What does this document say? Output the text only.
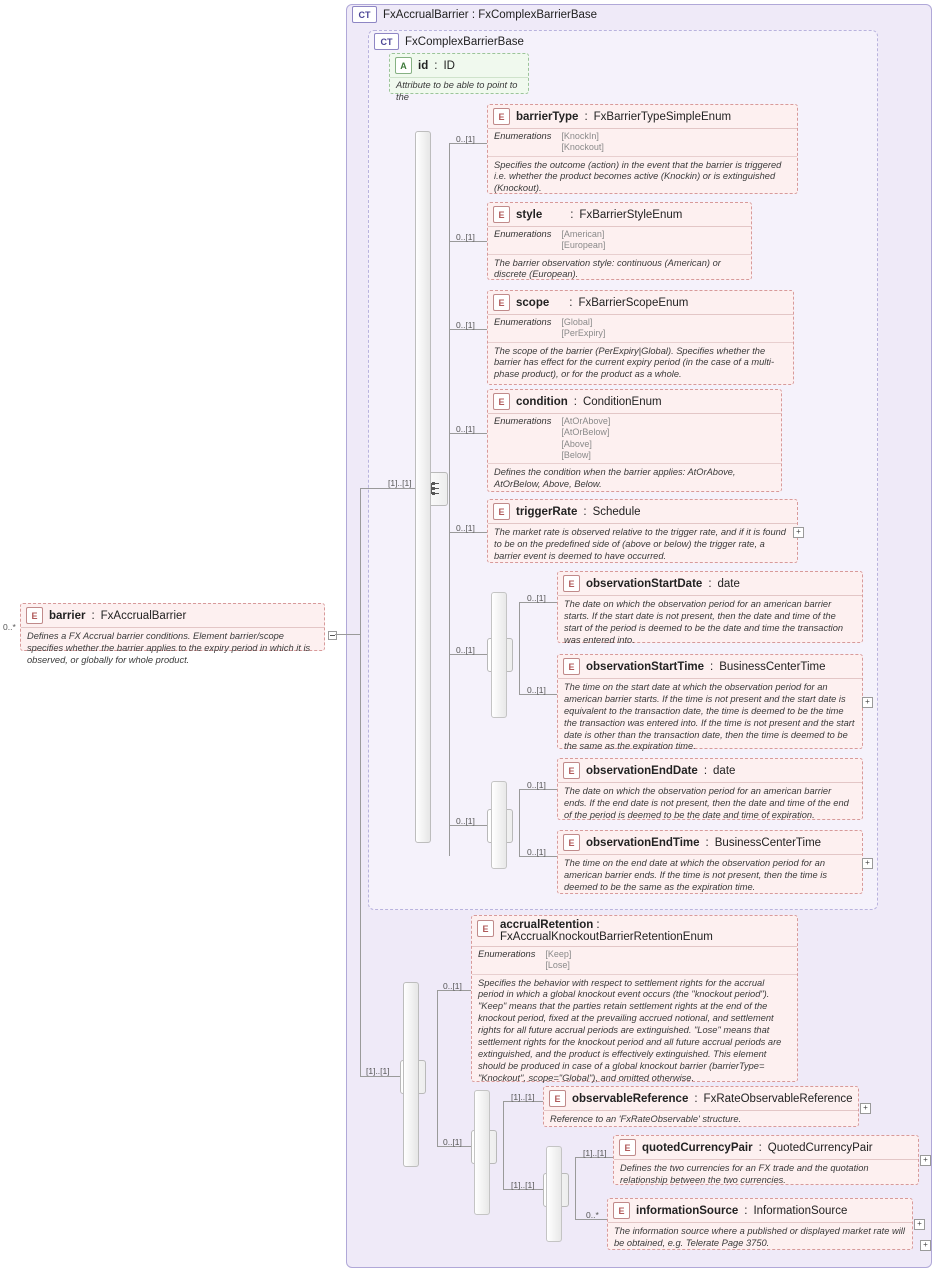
CT	FxAccrualBarrier : FxComplexBarrierBase
CT	FxComplexBarrierBase
E	barrier : FxAccrualBarrier
Defines a FX Accrual barrier conditions. Element barrier/scope specifies whether the barrier applies to the expiry period in which it is observed, or globally for whole product.
0..*
[1]..[1]
A id : ID
Attribute to be able to point to the
0..[1]
E	barrierType : FxBarrierTypeSimpleEnum
Enumerations [KnockIn]
[Knockout]
Specifies the outcome (action) in the event that the barrier is triggered i.e. whether the product becomes active (Knockin) or is extinguished (Knockout).
0..[1]
E	style : FxBarrierStyleEnum
Enumerations [American]
[European]
The barrier observation style: continuous (American) or discrete (European).
0..[1]
E	scope : FxBarrierScopeEnum
Enumerations [Global]
[PerExpiry]
The scope of the barrier (PerExpiry|Global). Specifies whether the barrier has effect for the current expiry period (in the case of a multi-phase product), or for the product as a whole.
0..[1]
E	condition : ConditionEnum
Enumerations [AtOrAbove]
[AtOrBelow]
[Above]
[Below]
Defines the condition when the barrier applies: AtOrAbove, AtOrBelow, Above, Below.
0..[1]
E	triggerRate : Schedule
The market rate is observed relative to the trigger rate, and if it is found to be on the predefined side of (above or below) the trigger rate, a barrier event is deemed to have occurred.
+
0..[1]
0..[1]
E	observationStartDate : date
The date on which the observation period for an american barrier starts. If the start date is not present, then the date and time of the start of the period is deemed to be the date and time the transaction was entered into.
0..[1]
E	observationStartTime : BusinessCenterTime
The time on the start date at which the observation period for an american barrier starts. If the time is not present and the start date is equivalent to the transaction date, the time is deemed to be the time the transaction was entered into. If the time is not present and the start date is other than the transaction date, then the time is deemed to be the same as the expiration time.
+
0..[1]
0..[1]
E	observationEndDate : date
The date on which the observation period for an american barrier ends. If the end date is not present, then the date and time of the end of the period is deemed to be the date and time of expiration.
0..[1]
E	observationEndTime : BusinessCenterTime
The time on the end date at which the observation period for an american barrier ends. If the time is not present, then the time is deemed to be the same as the expiration time.
+
[1]..[1]
0..[1]
E	accrualRetention : FxAccrualKnockoutBarrierRetentionEnum
Enumerations [Keep]
[Lose]
Specifies the behavior with respect to settlement rights for the accrual period in which a global knockout event occurs (the "knockout period"). "Keep" means that the parties retain settlement rights at the end of the knockout period, fixed at the prevailing accrued notional, and settlement rights for all future accrual periods are extinguished. "Lose" means that settlement rights for the knockout period and all future accrual periods are extinguished, and the product is effectively extinguished. This element should be produced in case of a global knockout barrier (barrierType= "Knockout", scope="Global"), and omitted otherwise.
0..[1]
[1]..[1]	E	observableReference : FxRateObservableReference
Reference to an 'FxRateObservable' structure.
+
[1]..[1]
[1]..[1]
E	quotedCurrencyPair : QuotedCurrencyPair
Defines the two currencies for an FX trade and the quotation relationship between the two currencies.
+
0..*	E	informationSource : InformationSource
The information source where a published or displayed market rate will be obtained, e.g. Telerate Page 3750.
+
+
